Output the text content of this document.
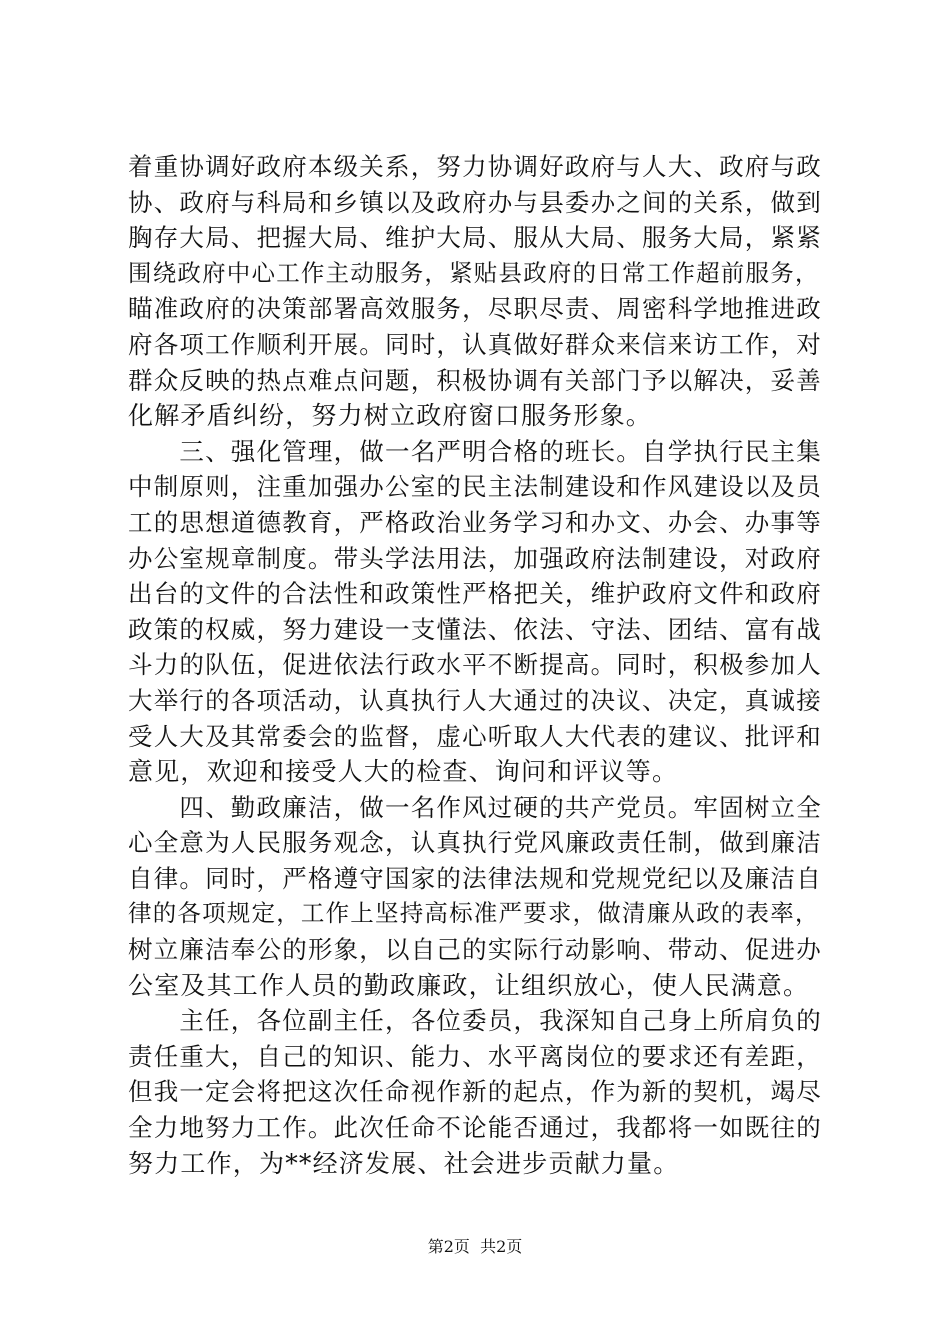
着重协调好政府本级关系，努力协调好政府与人大、政府与政
协、政府与科局和乡镇以及政府办与县委办之间的关系，做到
胸存大局、把握大局、维护大局、服从大局、服务大局，紧紧
围绕政府中心工作主动服务，紧贴县政府的日常工作超前服务，
瞄准政府的决策部署高效服务，尽职尽责、周密科学地推进政
府各项工作顺利开展。同时，认真做好群众来信来访工作，对
群众反映的热点难点问题，积极协调有关部门予以解决，妥善
化解矛盾纠纷，努力树立政府窗口服务形象。
　　三、强化管理，做一名严明合格的班长。自学执行民主集
中制原则，注重加强办公室的民主法制建设和作风建设以及员
工的思想道德教育，严格政治业务学习和办文、办会、办事等
办公室规章制度。带头学法用法，加强政府法制建设，对政府
出台的文件的合法性和政策性严格把关，维护政府文件和政府
政策的权威，努力建设一支懂法、依法、守法、团结、富有战
斗力的队伍，促进依法行政水平不断提高。同时，积极参加人
大举行的各项活动，认真执行人大通过的决议、决定，真诚接
受人大及其常委会的监督，虚心听取人大代表的建议、批评和
意见，欢迎和接受人大的检查、询问和评议等。
　　四、勤政廉洁，做一名作风过硬的共产党员。牢固树立全
心全意为人民服务观念，认真执行党风廉政责任制，做到廉洁
自律。同时，严格遵守国家的法律法规和党规党纪以及廉洁自
律的各项规定，工作上坚持高标准严要求，做清廉从政的表率，
树立廉洁奉公的形象，以自己的实际行动影响、带动、促进办
公室及其工作人员的勤政廉政，让组织放心，使人民满意。
　　主任，各位副主任，各位委员，我深知自己身上所肩负的
责任重大，自己的知识、能力、水平离岗位的要求还有差距，
但我一定会将把这次任命视作新的起点，作为新的契机，竭尽
全力地努力工作。此次任命不论能否通过，我都将一如既往的
努力工作，为**经济发展、社会进步贡献力量。
第2页  共2页
